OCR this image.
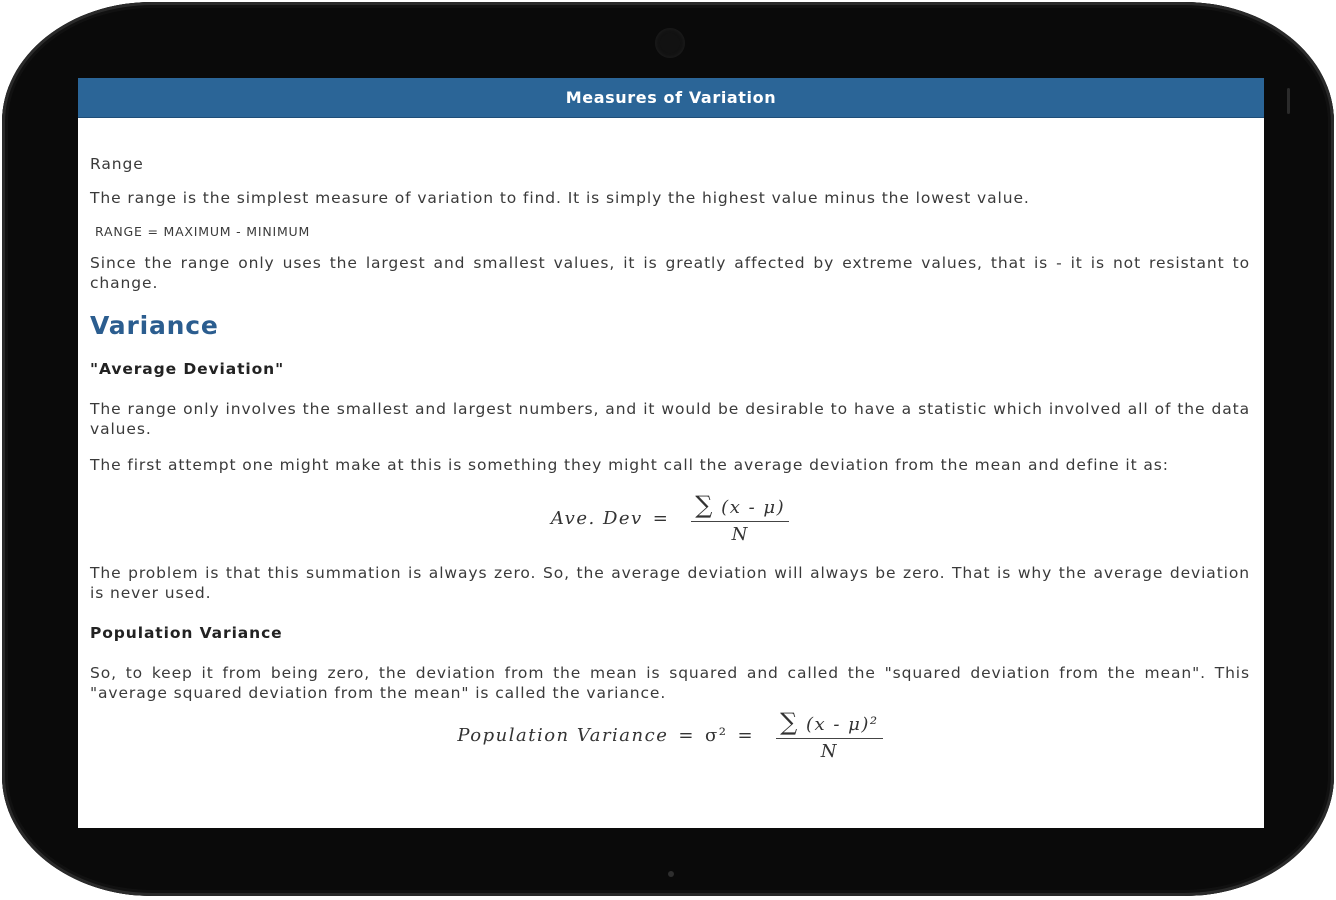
Measures of Variation

Range

The range is the simplest measure of variation to find. It is simply the highest value minus the lowest value.

RANGE = MAXIMUM - MINIMUM

Since the range only uses the largest and smallest values, it is greatly affected by extreme values, that is - it is not resistant to change.

Variance
"Average Deviation"

The range only involves the smallest and largest numbers, and it would be desirable to have a statistic which involved all of the data values.

The first attempt one might make at this is something they might call the average deviation from the mean and define it as:

Ave. Dev = $\frac{\sum (x - \mu)}{N}$

The problem is that this summation is always zero. So, the average deviation will always be zero. That is why the average deviation is never used.

Population Variance

So, to keep it from being zero, the deviation from the mean is squared and called the "squared deviation from the mean". This "average squared deviation from the mean" is called the variance.

Population Variance = $\sigma^2 = \frac{\text{∑ (x - μ)²}}{N}$
